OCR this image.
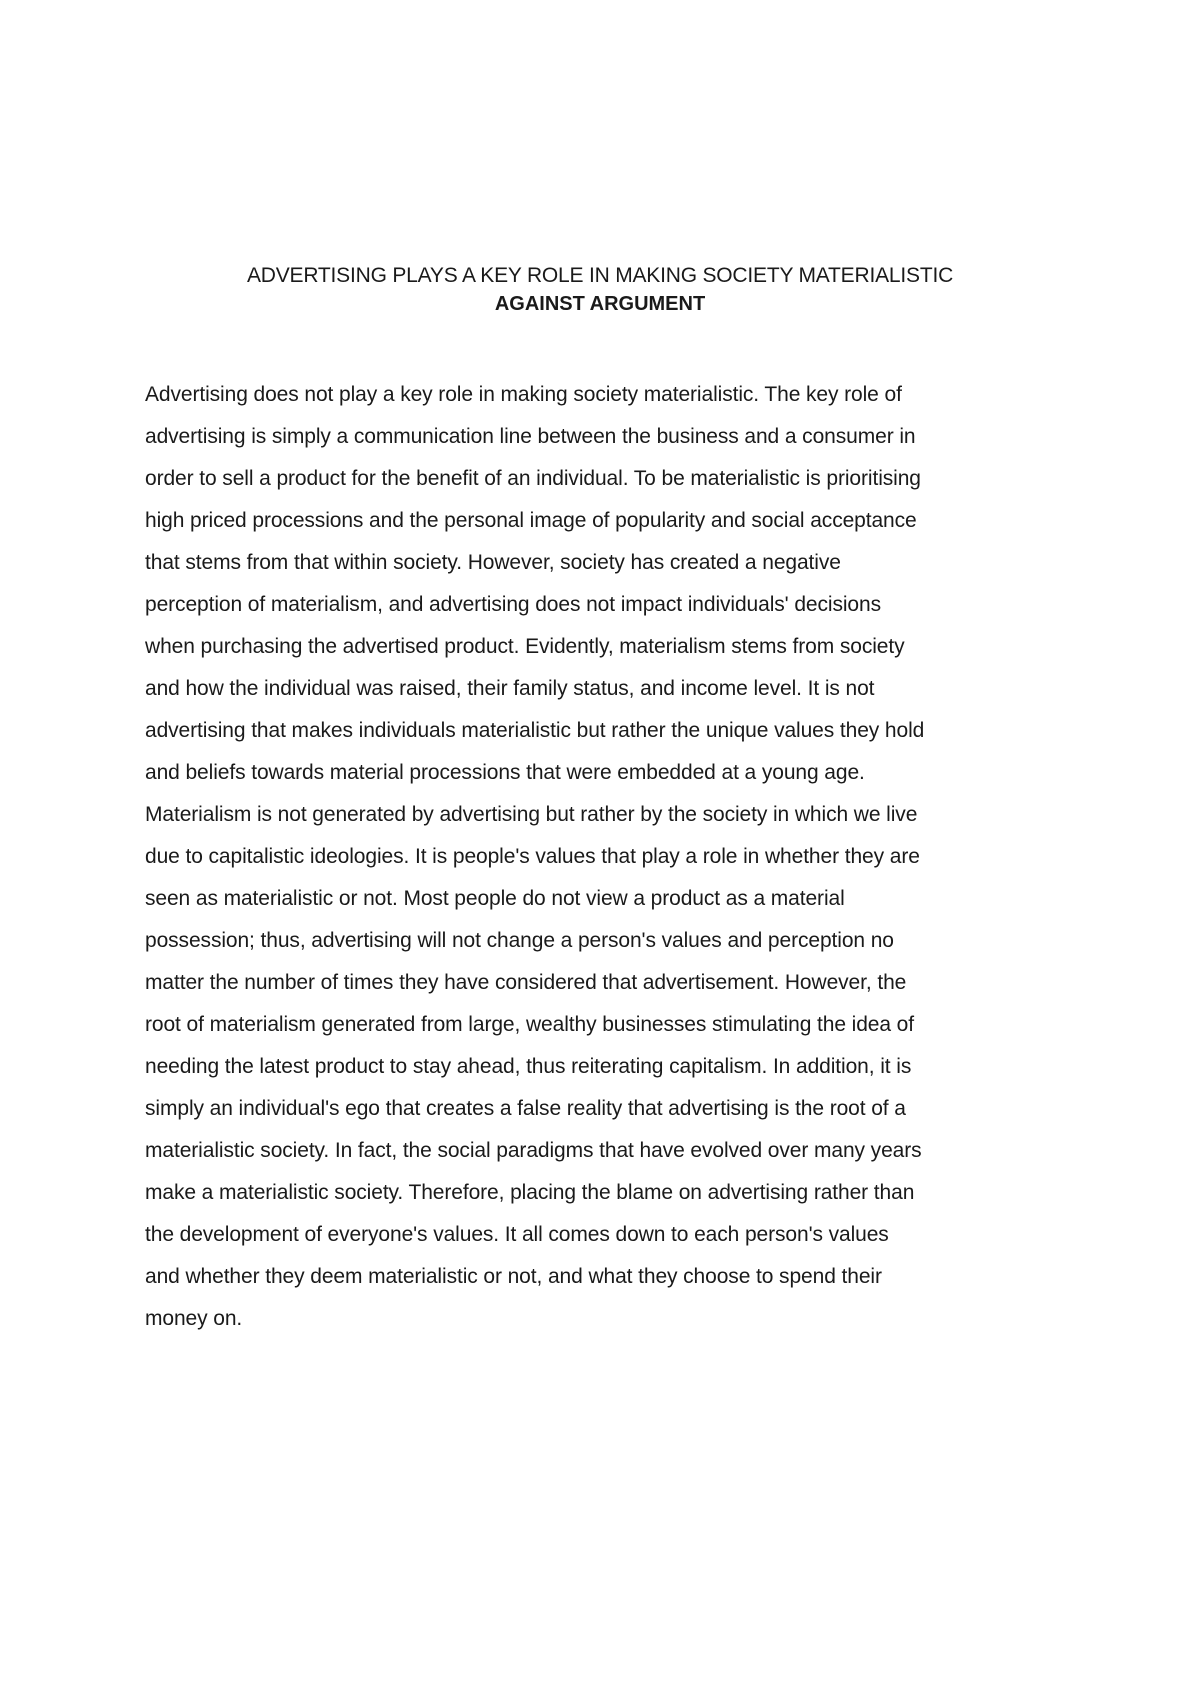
ADVERTISING PLAYS A KEY ROLE IN MAKING SOCIETY MATERIALISTIC
AGAINST ARGUMENT
Advertising does not play a key role in making society materialistic. The key role of
advertising is simply a communication line between the business and a consumer in
order to sell a product for the benefit of an individual. To be materialistic is prioritising
high priced processions and the personal image of popularity and social acceptance
that stems from that within society. However, society has created a negative
perception of materialism, and advertising does not impact individuals' decisions
when purchasing the advertised product. Evidently, materialism stems from society
and how the individual was raised, their family status, and income level. It is not
advertising that makes individuals materialistic but rather the unique values they hold
and beliefs towards material processions that were embedded at a young age.
Materialism is not generated by advertising but rather by the society in which we live
due to capitalistic ideologies. It is people's values that play a role in whether they are
seen as materialistic or not. Most people do not view a product as a material
possession; thus, advertising will not change a person's values and perception no
matter the number of times they have considered that advertisement. However, the
root of materialism generated from large, wealthy businesses stimulating the idea of
needing the latest product to stay ahead, thus reiterating capitalism. In addition, it is
simply an individual's ego that creates a false reality that advertising is the root of a
materialistic society. In fact, the social paradigms that have evolved over many years
make a materialistic society. Therefore, placing the blame on advertising rather than
the development of everyone's values. It all comes down to each person's values
and whether they deem materialistic or not, and what they choose to spend their
money on.
